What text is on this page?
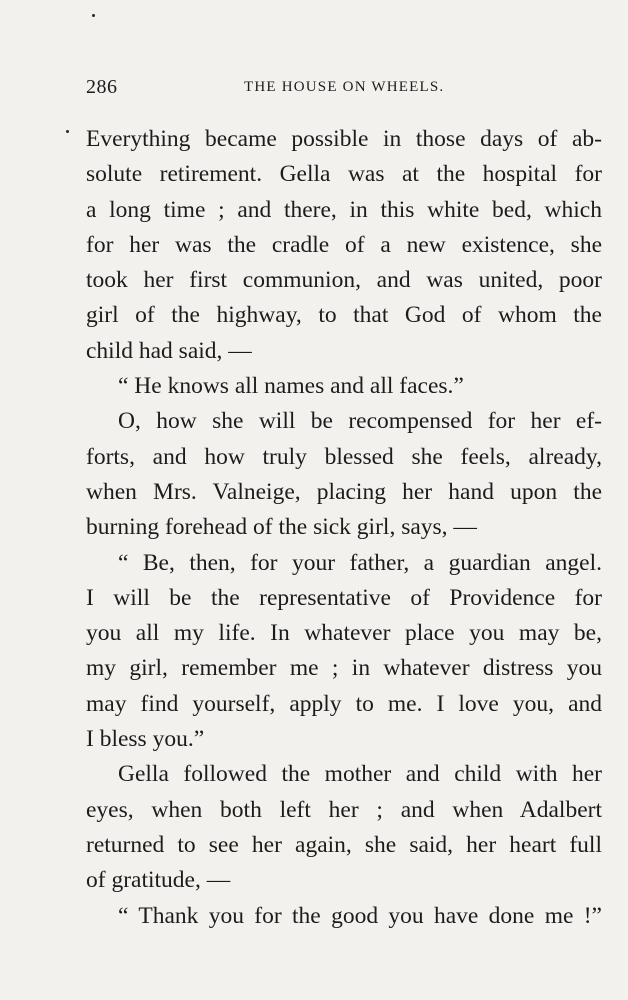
286	THE HOUSE ON WHEELS.
Everything became possible in those days of ab-
solute retirement. Gella was at the hospital for
a long time ; and there, in this white bed, which
for her was the cradle of a new existence, she
took her first communion, and was united, poor
girl of the highway, to that God of whom the
child had said, —
“ He knows all names and all faces.”
O, how she will be recompensed for her ef-
forts, and how truly blessed she feels, already,
when Mrs. Valneige, placing her hand upon the
burning forehead of the sick girl, says, —
“ Be, then, for your father, a guardian angel.
I will be the representative of Providence for
you all my life. In whatever place you may be,
my girl, remember me ; in whatever distress you
may find yourself, apply to me. I love you, and
I bless you.”
Gella followed the mother and child with her
eyes, when both left her ; and when Adalbert
returned to see her again, she said, her heart full
of gratitude, —
“ Thank you for the good you have done me !”
